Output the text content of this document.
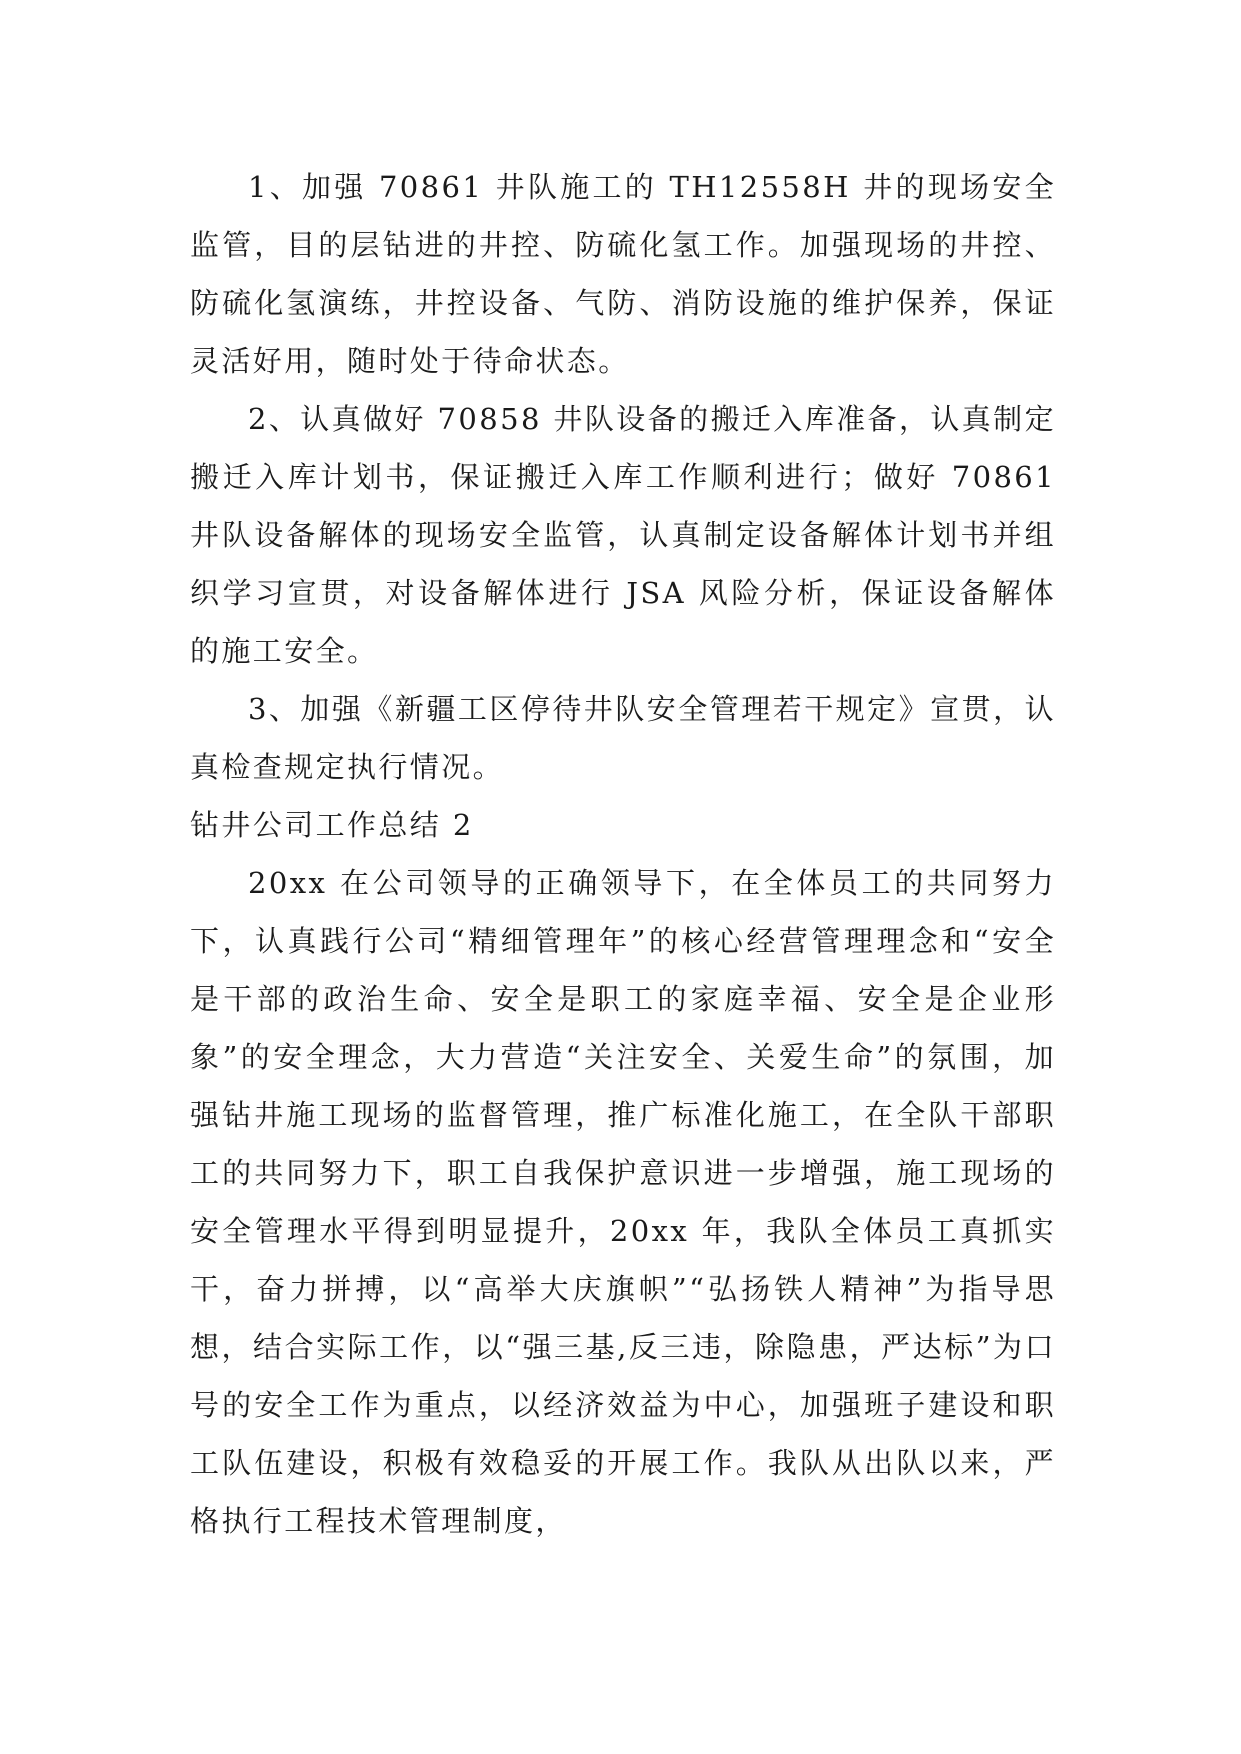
1、加强 70861 井队施工的 TH12558H 井的现场安全监管，目的层钻进的井控、防硫化氢工作。加强现场的井控、防硫化氢演练，井控设备、气防、消防设施的维护保养，保证灵活好用，随时处于待命状态。

2、认真做好 70858 井队设备的搬迁入库准备，认真制定搬迁入库计划书，保证搬迁入库工作顺利进行；做好 70861 井队设备解体的现场安全监管，认真制定设备解体计划书并组织学习宣贯，对设备解体进行 JSA 风险分析，保证设备解体的施工安全。

3、加强《新疆工区停待井队安全管理若干规定》宣贯，认真检查规定执行情况。

钻井公司工作总结 2

20xx 在公司领导的正确领导下，在全体员工的共同努力下，认真践行公司“精细管理年”的核心经营管理理念和“安全是干部的政治生命、安全是职工的家庭幸福、安全是企业形象”的安全理念，大力营造“关注安全、关爱生命”的氛围，加强钻井施工现场的监督管理，推广标准化施工，在全队干部职工的共同努力下，职工自我保护意识进一步增强，施工现场的安全管理水平得到明显提升，20xx 年，我队全体员工真抓实干，奋力拼搏，以“高举大庆旗帜”“弘扬铁人精神”为指导思想，结合实际工作，以“强三基,反三违，除隐患，严达标”为口号的安全工作为重点，以经济效益为中心，加强班子建设和职工队伍建设，积极有效稳妥的开展工作。我队从出队以来，严格执行工程技术管理制度，
